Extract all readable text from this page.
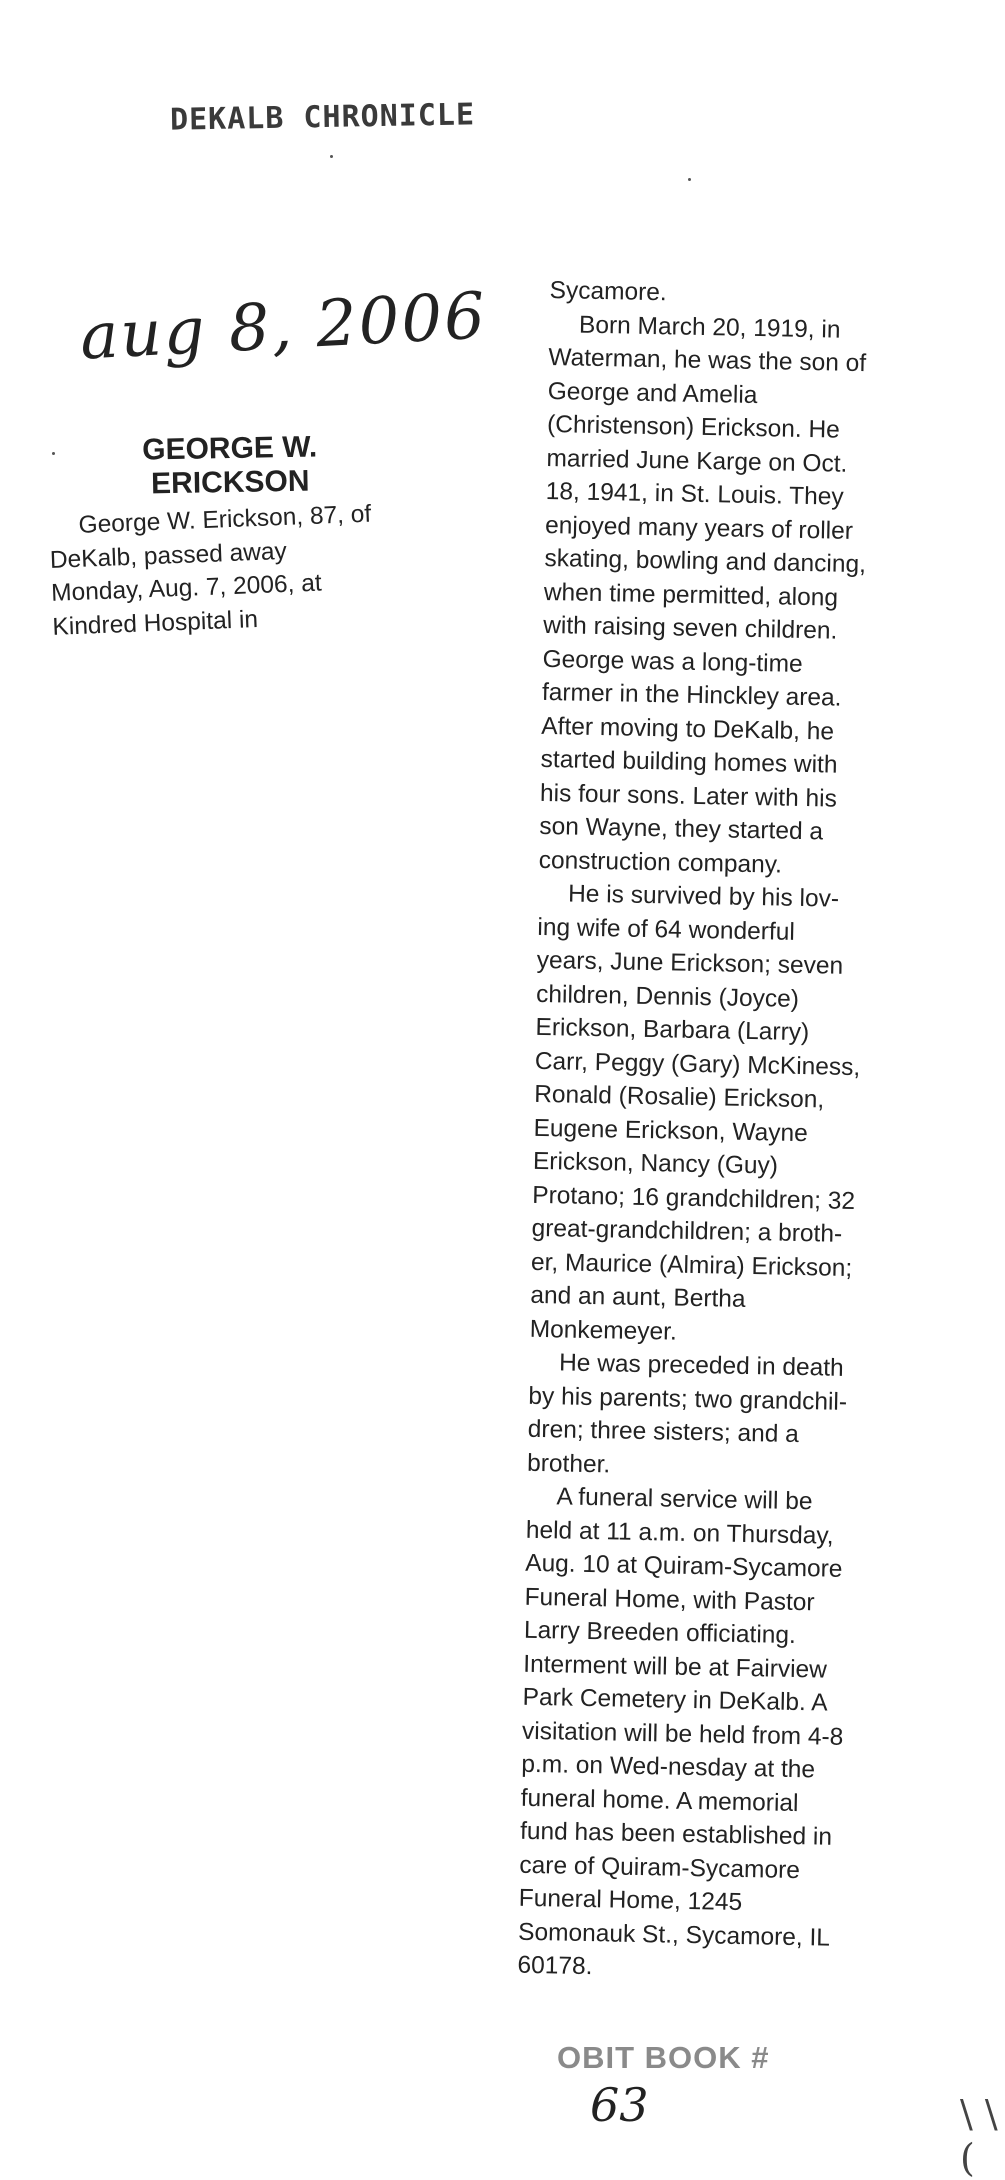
DEKALB CHRONICLE
aug 8, 2006
GEORGE W.
ERICKSON

George W. Erickson, 87, of
DeKalb, passed away
Monday, Aug. 7, 2006, at
Kindred Hospital in

Sycamore.
Born March 20, 1919, in
Waterman, he was the son of
George and Amelia
(Christenson) Erickson. He
married June Karge on Oct.
18, 1941, in St. Louis. They
enjoyed many years of roller
skating, bowling and dancing,
when time permitted, along
with raising seven children.
George was a long-time
farmer in the Hinckley area.
After moving to DeKalb, he
started building homes with
his four sons. Later with his
son Wayne, they started a
construction company.
He is survived by his lov-
ing wife of 64 wonderful
years, June Erickson; seven
children, Dennis (Joyce)
Erickson, Barbara (Larry)
Carr, Peggy (Gary) McKiness,
Ronald (Rosalie) Erickson,
Eugene Erickson, Wayne
Erickson, Nancy (Guy)
Protano; 16 grandchildren; 32
great-grandchildren; a broth-
er, Maurice (Almira) Erickson;
and an aunt, Bertha
Monkemeyer.
He was preceded in death
by his parents; two grandchil-
dren; three sisters; and a
brother.
A funeral service will be
held at 11 a.m. on Thursday,
Aug. 10 at Quiram-Sycamore
Funeral Home, with Pastor
Larry Breeden officiating.
Interment will be at Fairview
Park Cemetery in DeKalb. A
visitation will be held from 4-8
p.m. on Wed-nesday at the
funeral home. A memorial
fund has been established in
care of Quiram-Sycamore
Funeral Home, 1245
Somonauk St., Sycamore, IL
60178.

OBIT BOOK #
63	\ \ (
